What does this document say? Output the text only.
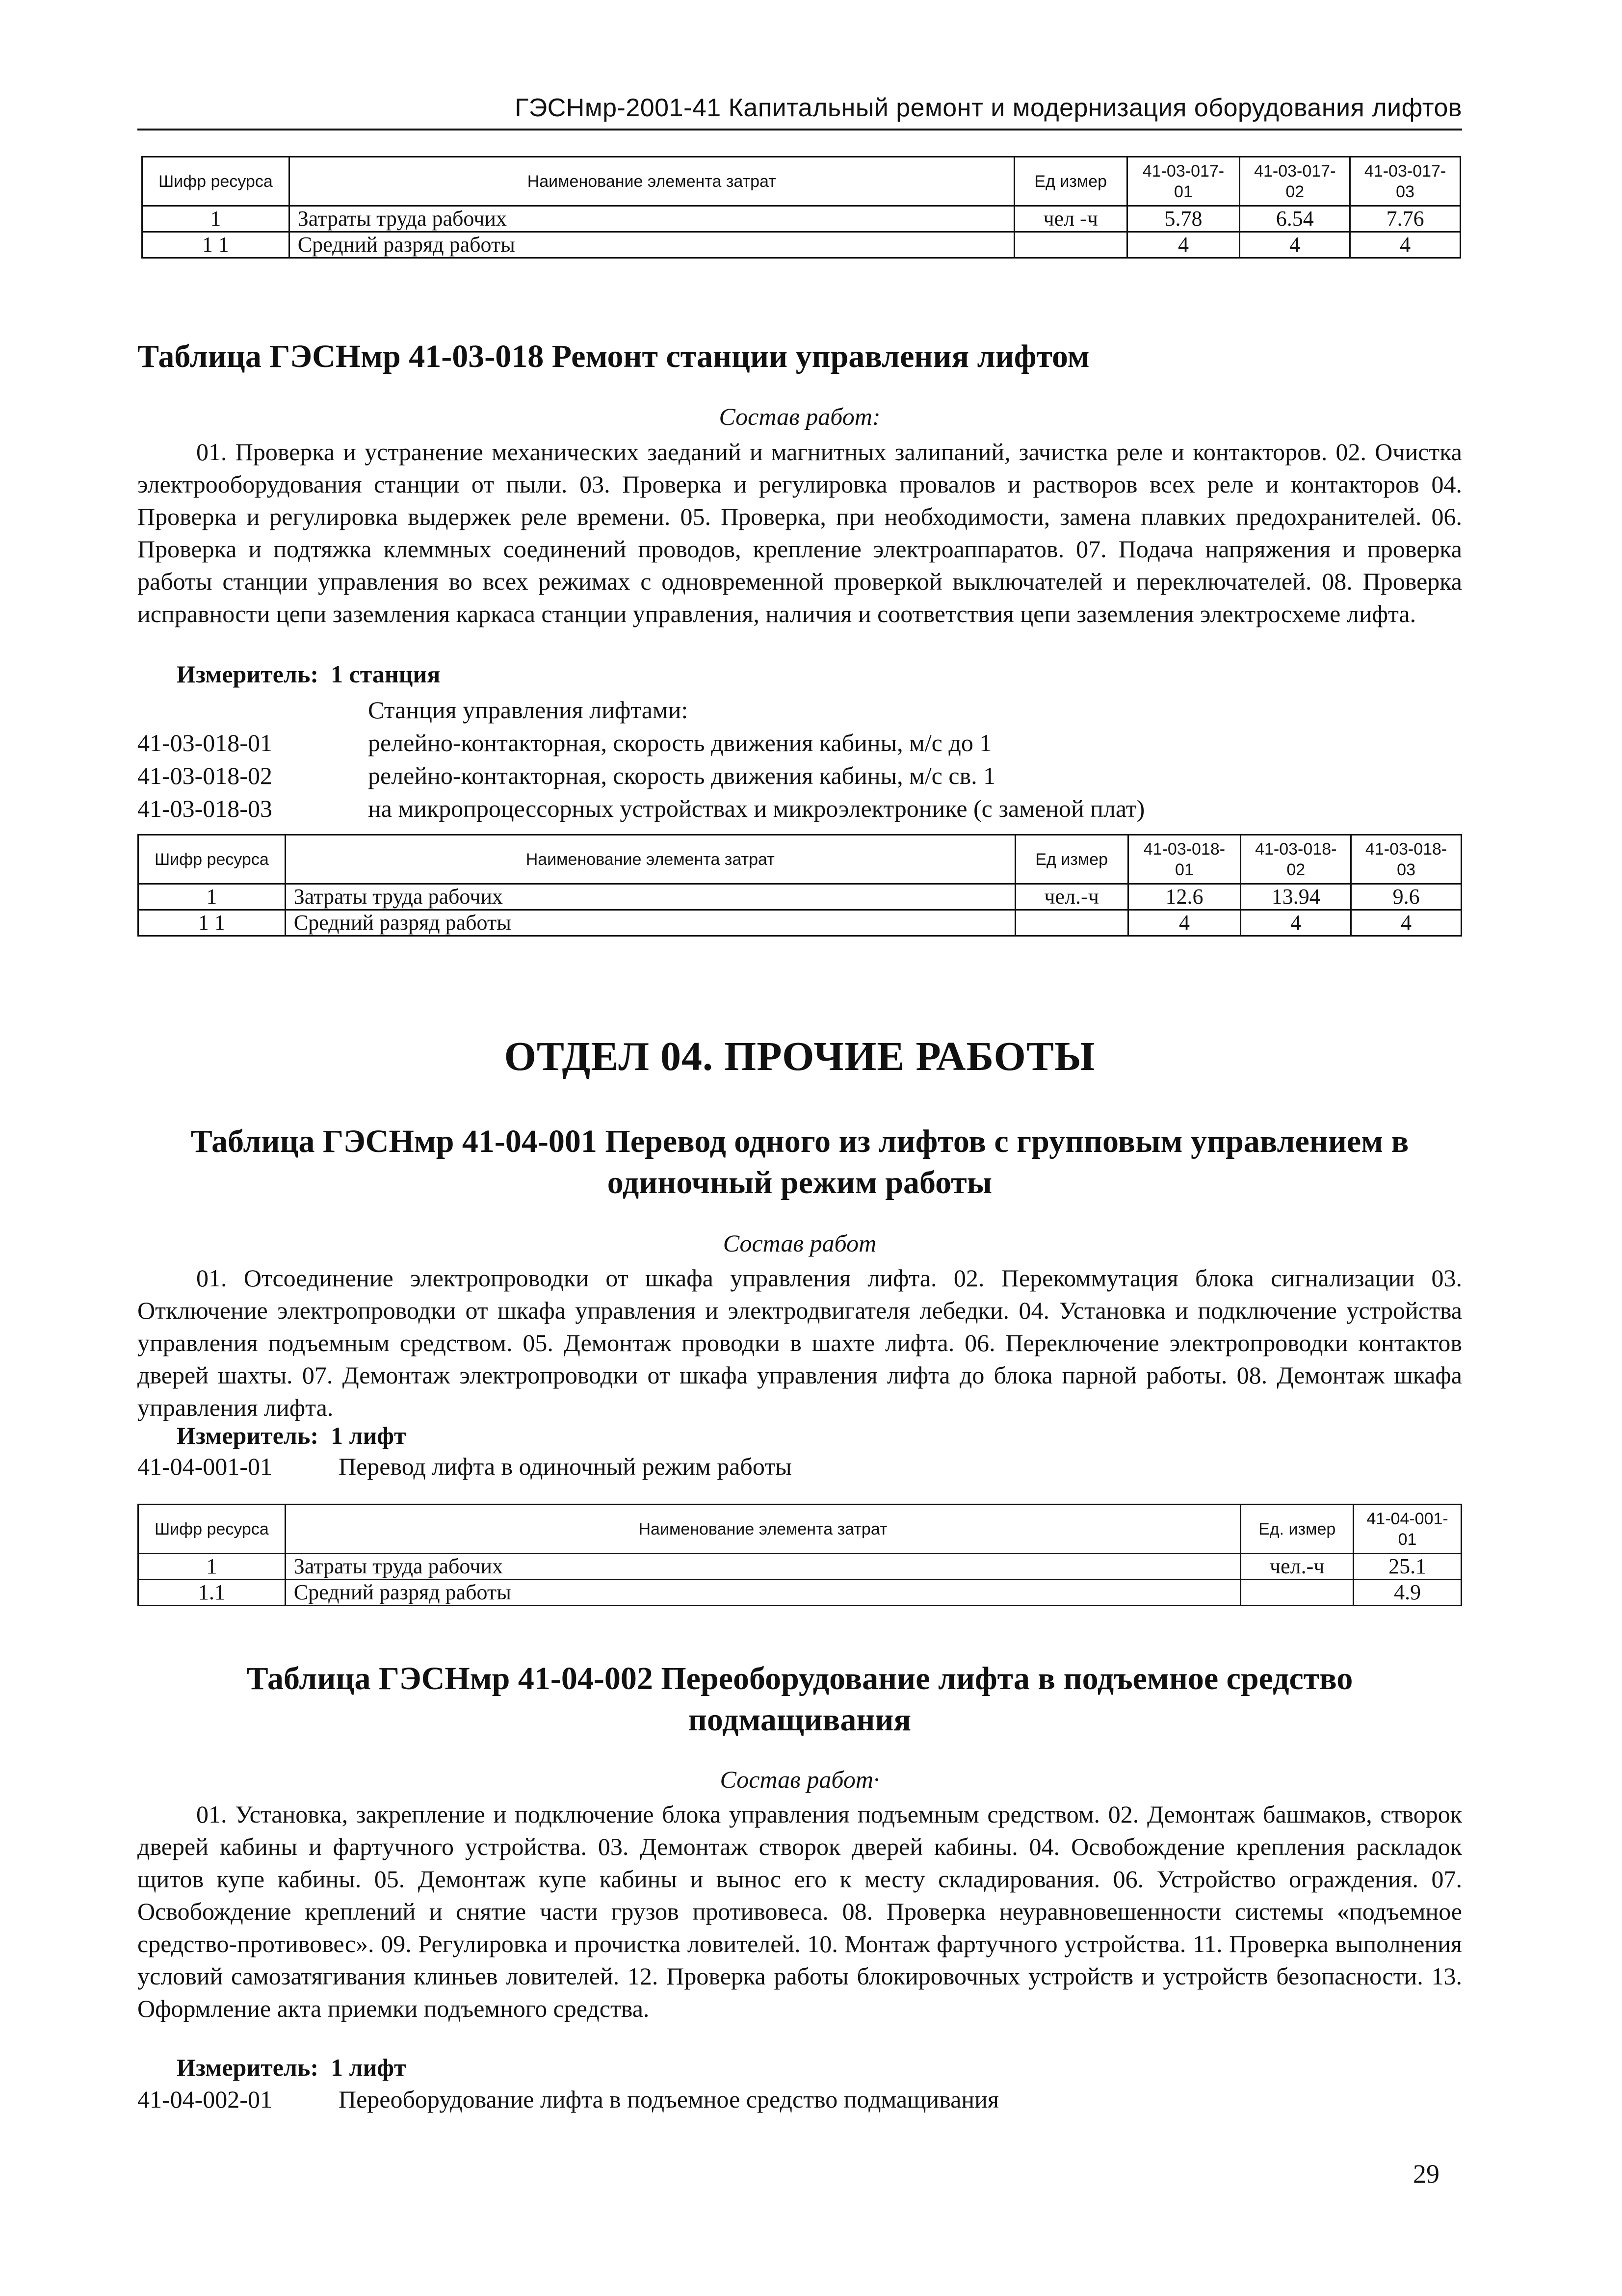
ГЭСНмр-2001-41 Капитальный ремонт и модернизация оборудования лифтов
Шифр ресурса	Наименование элемента затрат	Ед измер	41-03-017-01	41-03-017-02	41-03-017-03
1	Затраты труда рабочих	чел -ч	5.78	6.54	7.76
1 1	Средний разряд работы		4	4	4
Таблица ГЭСНмр 41-03-018 Ремонт станции управления лифтом
Состав работ:
01. Проверка и устранение механических заеданий и магнитных залипаний, зачистка реле и контакторов. 02. Очистка электрооборудования станции от пыли. 03. Проверка и регулировка провалов и растворов всех реле и контакторов 04. Проверка и регулировка выдержек реле времени. 05. Проверка, при необходимости, замена плавких предохранителей. 06. Проверка и подтяжка клеммных соединений проводов, крепление электроаппаратов. 07. Подача напряжения и проверка работы станции управления во всех режимах с одновременной проверкой выключателей и переключателей. 08. Проверка исправности цепи заземления каркаса станции управления, наличия и соответствия цепи заземления электросхеме лифта.
Измеритель: 1 станция
Станция управления лифтами:
41-03-018-01	релейно-контакторная, скорость движения кабины, м/с до 1
41-03-018-02	релейно-контакторная, скорость движения кабины, м/с св. 1
41-03-018-03	на микропроцессорных устройствах и микроэлектронике (с заменой плат)
Шифр ресурса	Наименование элемента затрат	Ед измер	41-03-018-01	41-03-018-02	41-03-018-03
1	Затраты труда рабочих	чел.-ч	12.6	13.94	9.6
1 1	Средний разряд работы		4	4	4
ОТДЕЛ 04. ПРОЧИЕ РАБОТЫ
Таблица ГЭСНмр 41-04-001 Перевод одного из лифтов с групповым управлением в одиночный режим работы
Состав работ
01. Отсоединение электропроводки от шкафа управления лифта. 02. Перекоммутация блока сигнализации 03. Отключение электропроводки от шкафа управления и электродвигателя лебедки. 04. Установка и подключение устройства управления подъемным средством. 05. Демонтаж проводки в шахте лифта. 06. Переключение электропроводки контактов дверей шахты. 07. Демонтаж электропроводки от шкафа управления лифта до блока парной работы. 08. Демонтаж шкафа управления лифта.
Измеритель: 1 лифт
41-04-001-01	Перевод лифта в одиночный режим работы
Шифр ресурса	Наименование элемента затрат	Ед. измер	41-04-001-01
1	Затраты труда рабочих	чел.-ч	25.1
1.1	Средний разряд работы		4.9
Таблица ГЭСНмр 41-04-002 Переоборудование лифта в подъемное средство подмащивания
Состав работ·
01. Установка, закрепление и подключение блока управления подъемным средством. 02. Демонтаж башмаков, створок дверей кабины и фартучного устройства. 03. Демонтаж створок дверей кабины. 04. Освобождение крепления раскладок щитов купе кабины. 05. Демонтаж купе кабины и вынос его к месту складирования. 06. Устройство ограждения. 07. Освобождение креплений и снятие части грузов противовеса. 08. Проверка неуравновешенности системы «подъемное средство-противовес». 09. Регулировка и прочистка ловителей. 10. Монтаж фартучного устройства. 11. Проверка выполнения условий самозатягивания клиньев ловителей. 12. Проверка работы блокировочных устройств и устройств безопасности. 13. Оформление акта приемки подъемного средства.
Измеритель: 1 лифт
41-04-002-01	Переоборудование лифта в подъемное средство подмащивания
29
